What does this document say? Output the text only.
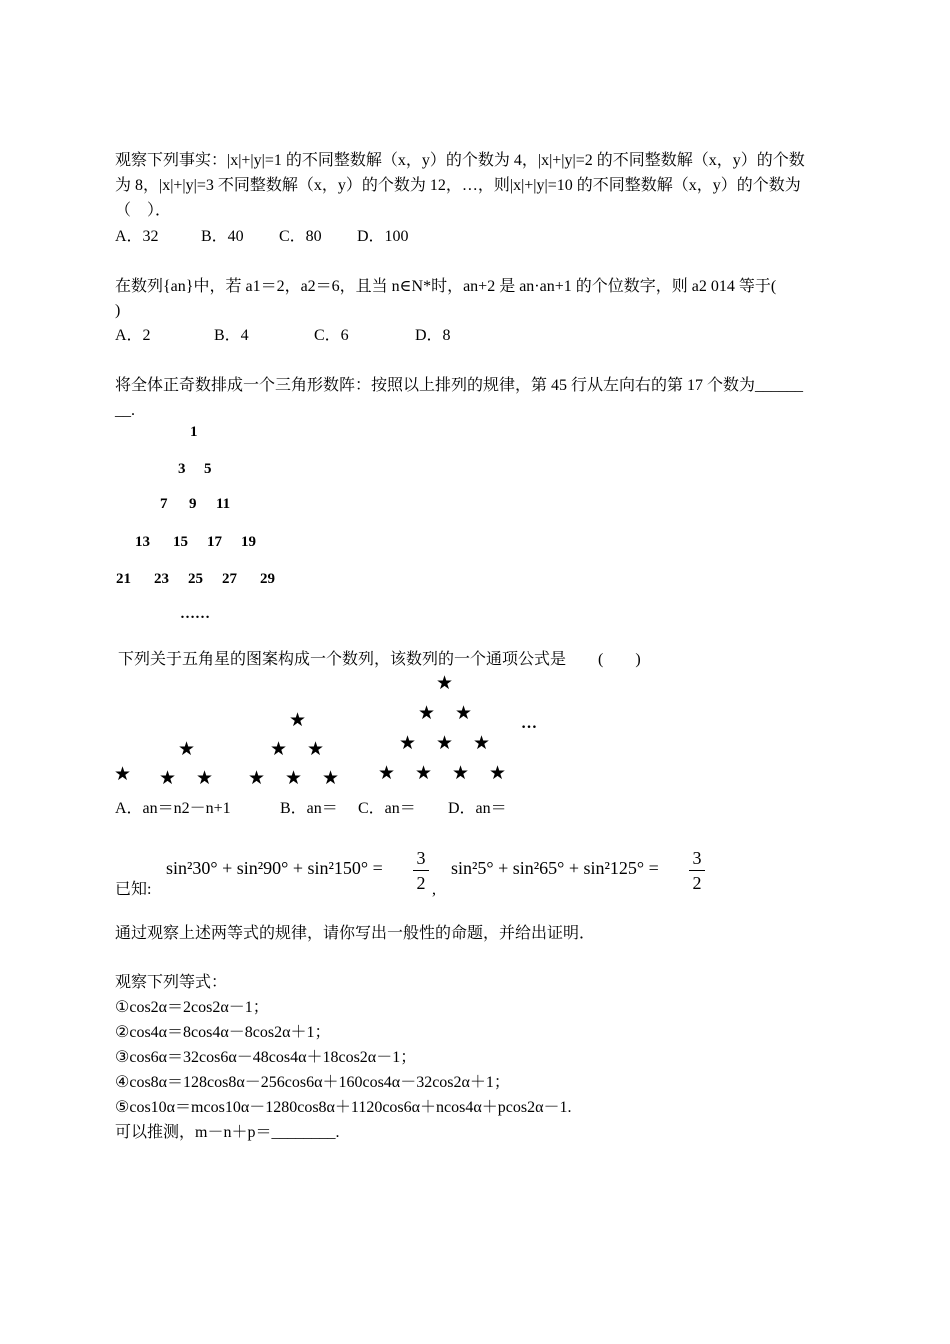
观察下列事实：|x|+|y|=1 的不同整数解（x，y）的个数为 4，|x|+|y|=2 的不同整数解（x，y）的个数
为 8，|x|+|y|=3 不同整数解（x，y）的个数为 12，…，则|x|+|y|=10 的不同整数解（x，y）的个数为
（　）．
A．32	B．40 C．80 D．100
在数列{an}中，若 a1＝2，a2＝6，且当 n∈N*时，an+2 是 an·an+1 的个位数字，则 a2 014 等于(
)
A．2	B．4	C．6	D．8
将全体正奇数排成一个三角形数阵：按照以上排列的规律，第 45 行从左向右的第 17 个数为______
__.
1
3 5
7 9 11
13 15 17 19
21 23 25 27 29
……
下列关于五角星的图案构成一个数列，该数列的一个通项公式是　　(　　)
★
★
★ ★
★
★ ★
★ ★ ★
★
★ ★
★ ★ ★
★ ★ ★ ★
…
A．an＝n2－n+1	B．an＝ C．an＝ D．an＝
已知:
sin²30° + sin²90° + sin²150° = 3
2 ,
sin²5° + sin²65° + sin²125° = 3
2
通过观察上述两等式的规律，请你写出一般性的命题，并给出证明．
观察下列等式：
①cos2α＝2cos2α－1；
②cos4α＝8cos4α－8cos2α＋1；
③cos6α＝32cos6α－48cos4α＋18cos2α－1；
④cos8α＝128cos8α－256cos6α＋160cos4α－32cos2α＋1；
⑤cos10α＝mcos10α－1280cos8α＋1120cos6α＋ncos4α＋pcos2α－1.
可以推测，m－n＋p＝________.
